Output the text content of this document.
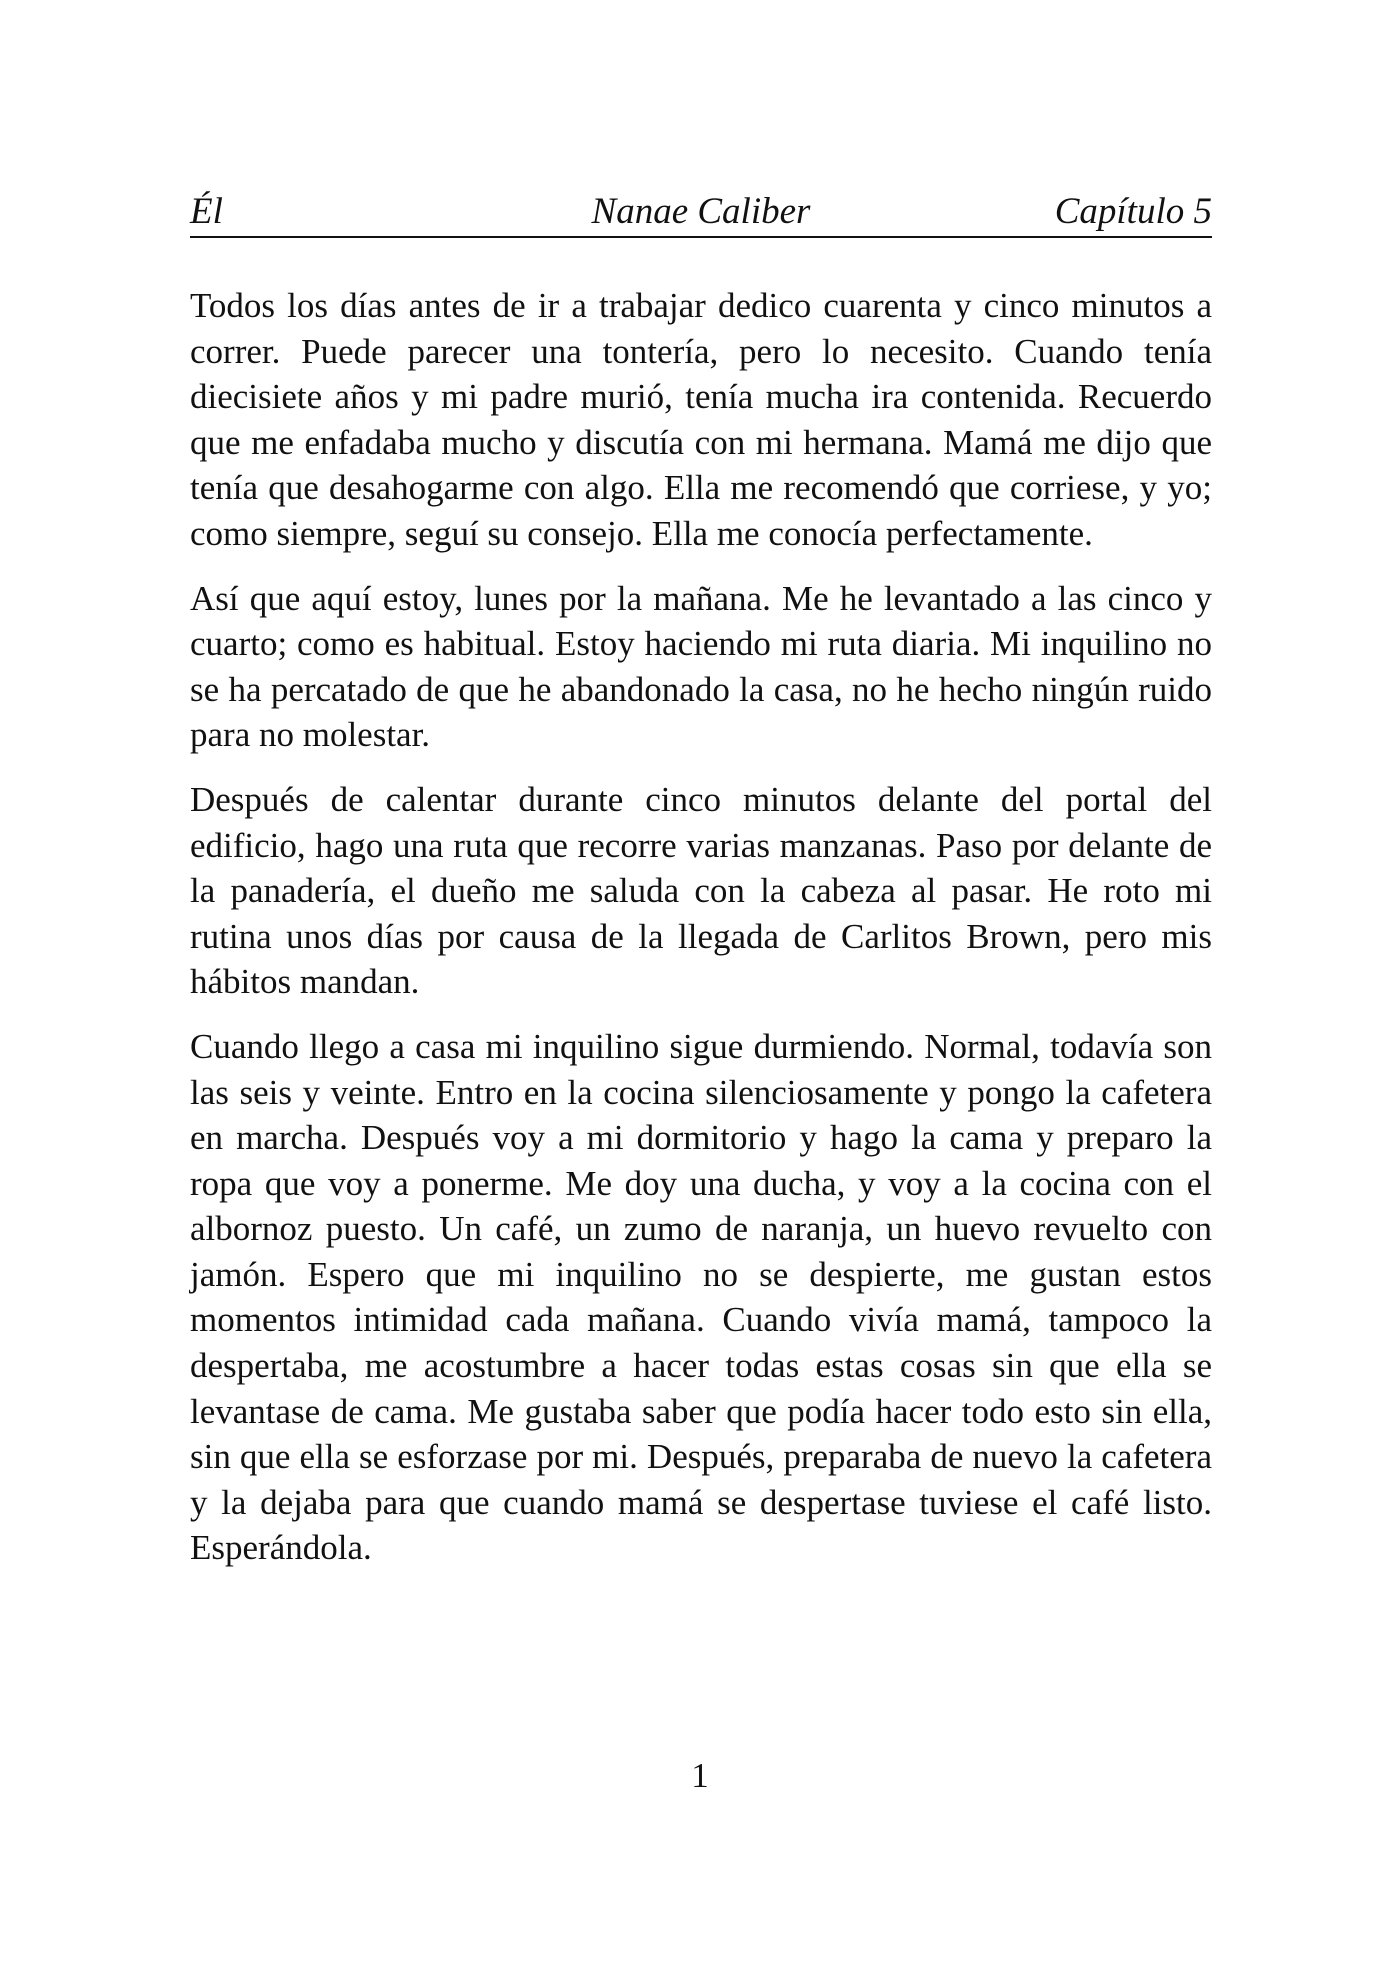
Nanae Caliber
Él	Capítulo 5

Todos los días antes de ir a trabajar dedico cuarenta y cinco minutos a correr. Puede parecer una tontería, pero lo necesito. Cuando tenía diecisiete años y mi padre murió, tenía mucha ira contenida. Recuerdo que me enfadaba mucho y discutía con mi hermana. Mamá me dijo que tenía que desahogarme con algo. Ella me recomendó que corriese, y yo; como siempre, seguí su consejo. Ella me conocía perfectamente.

Así que aquí estoy, lunes por la mañana. Me he levantado a las cinco y cuarto; como es habitual. Estoy haciendo mi ruta diaria. Mi inquilino no se ha percatado de que he abandonado la casa, no he hecho ningún ruido para no molestar.

Después de calentar durante cinco minutos delante del portal del edificio, hago una ruta que recorre varias manzanas. Paso por delante de la panadería, el dueño me saluda con la cabeza al pasar. He roto mi rutina unos días por causa de la llegada de Carlitos Brown, pero mis hábitos mandan.

Cuando llego a casa mi inquilino sigue durmiendo. Normal, todavía son las seis y veinte. Entro en la cocina silenciosamente y pongo la cafetera en marcha. Después voy a mi dormitorio y hago la cama y preparo la ropa que voy a ponerme. Me doy una ducha, y voy a la cocina con el albornoz puesto. Un café, un zumo de naranja, un huevo revuelto con jamón. Espero que mi inquilino no se despierte, me gustan estos momentos intimidad cada mañana. Cuando vivía mamá, tampoco la despertaba, me acostumbre a hacer todas estas cosas sin que ella se levantase de cama. Me gustaba saber que podía hacer todo esto sin ella, sin que ella se esforzase por mi. Después, preparaba de nuevo la cafetera y la dejaba para que cuando mamá se despertase tuviese el café listo. Esperándola.

1
